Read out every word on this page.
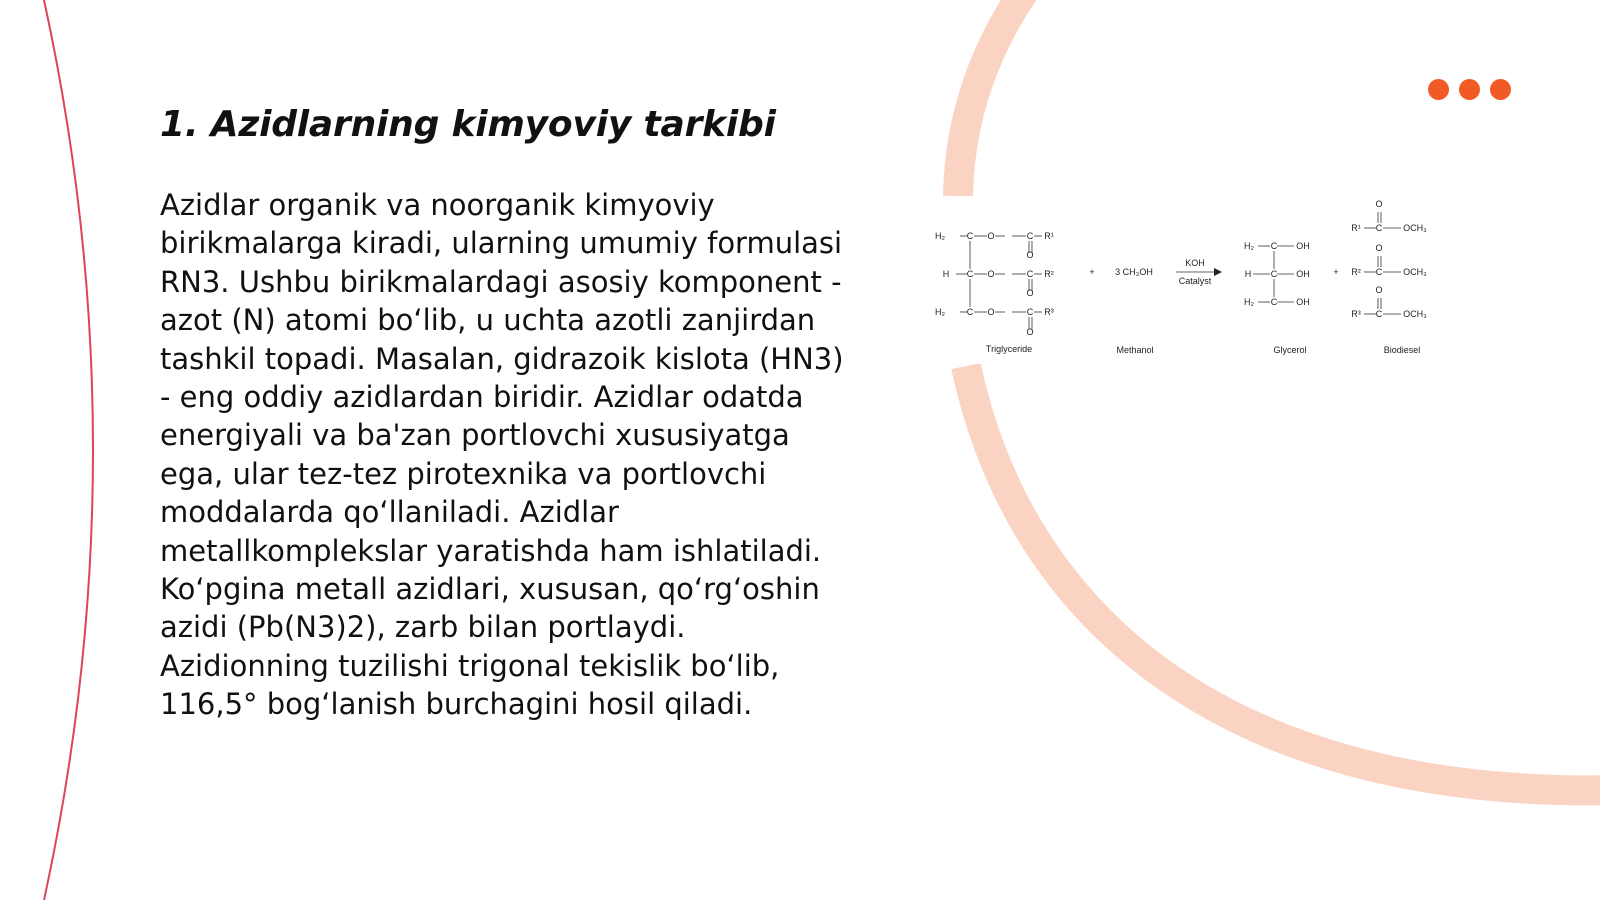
1. Azidlarning kimyoviy tarkibi

Azidlar organik va noorganik kimyoviy birikmalarga kiradi, ularning umumiy formulasi RN3. Ushbu birikmalardagi asosiy komponent - azot (N) atomi bo‘lib, u uchta azotli zanjirdan tashkil topadi. Masalan, gidrazoik kislota (HN3) - eng oddiy azidlardan biridir. Azidlar odatda energiyali va ba'zan portlovchi xususiyatga ega, ular tez-tez pirotexnika va portlovchi moddalarda qo‘llaniladi. Azidlar metallkomplekslar yaratishda ham ishlatiladi. Ko‘pgina metall azidlari, xususan, qo‘rg‘oshin azidi (Pb(N3)2), zarb bilan portlaydi. Azidionning tuzilishi trigonal tekislik bo‘lib, 116,5° bog‘lanish burchagini hosil qiladi.

H₂ C O	C R¹
O
H C O	C R²
O
H₂ C O	C R³
O
H₂ C OH
H C OH
H₂ C OH
O
R¹ C OCH₃
O
R² C OCH₃
O
R³ C OCH₃
+ 3 CH₃OH
KOH
Catalyst
+
Triglyceride	Methanol	Glycerol	Biodiesel
